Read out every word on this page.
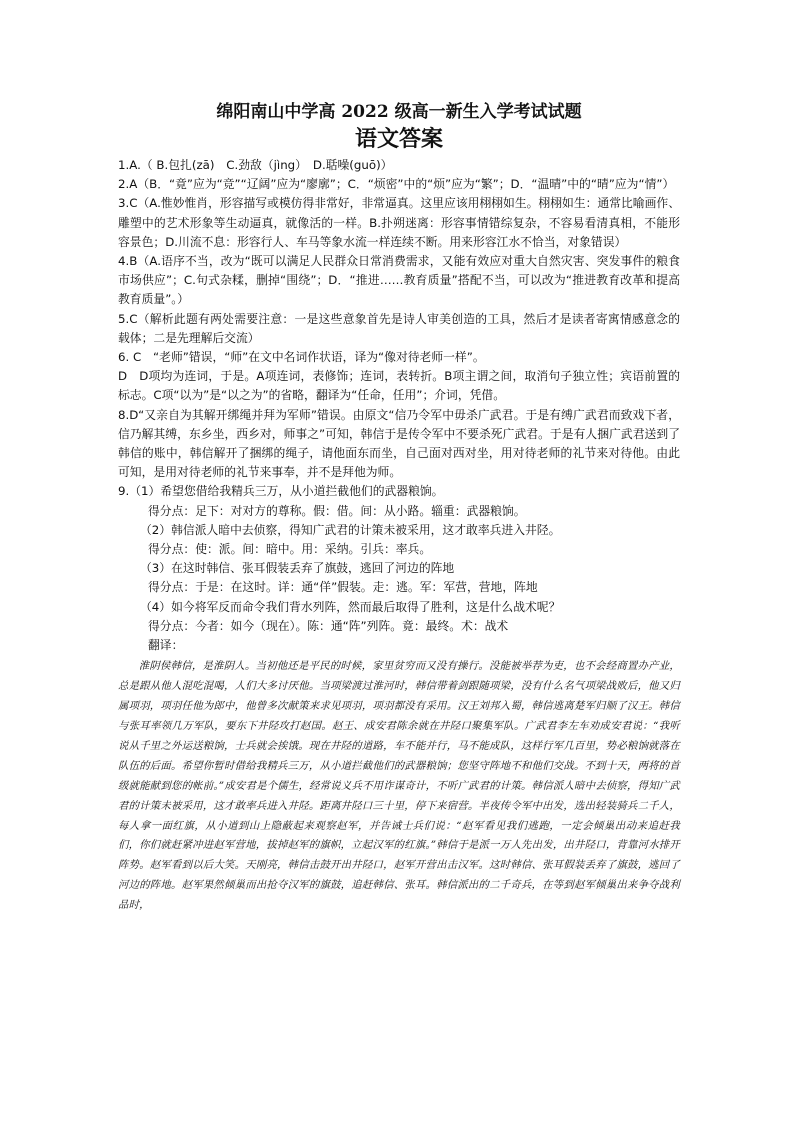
绵阳南山中学高 2022 级高一新生入学考试试题
语文答案

1.A.（ B.包扎(zā)　C.劲敌（jìng）　D.聒噪(guō)）

2.A（B．“竟”应为“竞”“辽阔”应为“廖廓”；C．“烦密”中的“烦”应为“繁”；D．“温晴”中的“晴”应为“情”）

3.C（A.惟妙惟肖，形容描写或模仿得非常好，非常逼真。这里应该用栩栩如生。栩栩如生：通常比喻画作、雕塑中的艺术形象等生动逼真，就像活的一样。B.扑朔迷离：形容事情错综复杂，不容易看清真相，不能形容景色；D.川流不息：形容行人、车马等象水流一样连续不断。用来形容江水不恰当，对象错误）

4.B（A.语序不当，改为“既可以满足人民群众日常消费需求，又能有效应对重大自然灾害、突发事件的粮食市场供应”；C.句式杂糅，删掉“围绕”；D．“推进……教育质量”搭配不当，可以改为“推进教育改革和提高教育质量”。）

5.C（解析此题有两处需要注意：一是这些意象首先是诗人审美创造的工具，然后才是读者寄寓情感意念的载体；二是先理解后交流）

6. C　“老师”错误，“师”在文中名词作状语，译为“像对待老师一样”。

D　D项均为连词，于是。A项连词，表修饰；连词，表转折。B项主谓之间，取消句子独立性；宾语前置的标志。C项“以为”是“以之为”的省略，翻译为“任命，任用”；介词，凭借。

8.D“又亲自为其解开绑绳并拜为军师”错误。由原文“信乃令军中毋杀广武君。于是有缚广武君而致戏下者，信乃解其缚，东乡坐，西乡对，师事之”可知，韩信于是传令军中不要杀死广武君。于是有人捆广武君送到了韩信的账中，韩信解开了捆绑的绳子，请他面东而坐，自己面对西对坐，用对待老师的礼节来对待他。由此可知，是用对待老师的礼节来事奉，并不是拜他为师。

9.（1）希望您借给我精兵三万，从小道拦截他们的武器粮饷。

得分点：足下：对对方的尊称。假：借。间：从小路。辎重：武器粮饷。

（2）韩信派人暗中去侦察，得知广武君的计策未被采用，这才敢率兵进入井陉。

得分点：使：派。间：暗中。用：采纳。引兵：率兵。

（3）在这时韩信、张耳假装丢弃了旗鼓，逃回了河边的阵地

得分点：于是：在这时。详：通“佯”假装。走：逃。军：军营，营地，阵地

（4）如今将军反而命令我们背水列阵，然而最后取得了胜利，这是什么战术呢？

得分点：今者：如今（现在）。陈：通“阵”列阵。竟：最终。术：战术

翻译：

淮阴侯韩信，是淮阴人。当初他还是平民的时候，家里贫穷而又没有操行。没能被举荐为吏，也不会经商置办产业，总是跟从他人混吃混喝，人们大多讨厌他。当项梁渡过淮河时，韩信带着剑跟随项梁，没有什么名气项梁战败后，他又归属项羽，项羽任他为郎中，他曾多次献策来求见项羽，项羽都没有采用。汉王刘邦入蜀，韩信逃离楚军归顺了汉王。韩信与张耳率领几万军队，要东下井陉攻打赵国。赵王、成安君陈余就在井陉口聚集军队。广武君李左车劝成安君说：“我听说从千里之外运送粮饷，士兵就会挨饿。现在井陉的道路，车不能并行，马不能成队，这样行军几百里，势必粮饷就落在队伍的后面。希望你暂时借给我精兵三万，从小道拦截他们的武器粮饷；您坚守阵地不和他们交战。不到十天，两将的首级就能献到您的帐前。”成安君是个儒生，经常说义兵不用诈谋奇计，不听广武君的计策。韩信派人暗中去侦察，得知广武君的计策未被采用，这才敢率兵进入井陉。距离井陉口三十里，停下来宿营。半夜传令军中出发，选出轻装骑兵二千人，每人拿一面红旗，从小道到山上隐蔽起来观察赵军，并告诫士兵们说：“赵军看见我们逃跑，一定会倾巢出动来追赶我们，你们就赶紧冲进赵军营地，拔掉赵军的旗帜，立起汉军的红旗。”韩信于是派一万人先出发，出井陉口，背靠河水排开阵势。赵军看到以后大笑。天刚亮，韩信击鼓开出井陉口，赵军开营出击汉军。这时韩信、张耳假装丢弃了旗鼓，逃回了河边的阵地。赵军果然倾巢而出抢夺汉军的旗鼓，追赶韩信、张耳。韩信派出的二千奇兵，在等到赵军倾巢出来争夺战利品时，
